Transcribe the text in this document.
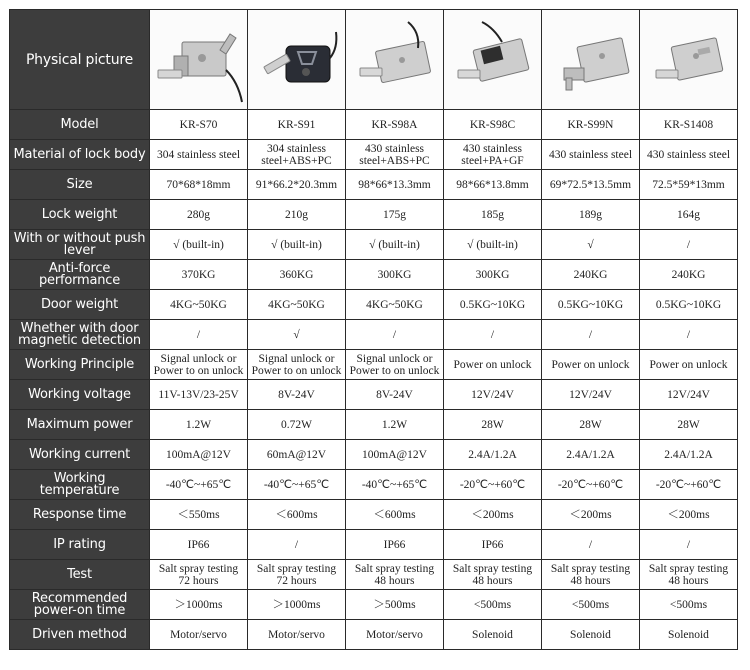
Physical picture	

Model	KR-S70	KR-S91	KR-S98A	KR-S98C	KR-S99N	KR-S1408
Material of lock body	304 stainless steel	304 stainless steel+ABS+PC	430 stainless steel+ABS+PC	430 stainless steel+PA+GF	430 stainless steel	430 stainless steel
Size	70*68*18mm	91*66.2*20.3mm	98*66*13.3mm	98*66*13.8mm	69*72.5*13.5mm	72.5*59*13mm
Lock weight	280g	210g	175g	185g	189g	164g
With or without push lever	√ (built-in)	√ (built-in)	√ (built-in)	√ (built-in)	√	/
Anti-force performance	370KG	360KG	300KG	300KG	240KG	240KG
Door weight	4KG~50KG	4KG~50KG	4KG~50KG	0.5KG~10KG	0.5KG~10KG	0.5KG~10KG
Whether with door magnetic detection	/	√	/	/	/	/
Working Principle	Signal unlock or Power to on unlock	Signal unlock or Power to on unlock	Signal unlock or Power to on unlock	Power on unlock	Power on unlock	Power on unlock
Working voltage	11V-13V/23-25V	8V-24V	8V-24V	12V/24V	12V/24V	12V/24V
Maximum power	1.2W	0.72W	1.2W	28W	28W	28W
Working current	100mA@12V	60mA@12V	100mA@12V	2.4A/1.2A	2.4A/1.2A	2.4A/1.2A
Working temperature	-40℃~+65℃	-40℃~+65℃	-40℃~+65℃	-20℃~+60℃	-20℃~+60℃	-20℃~+60℃
Response time	＜550ms	＜600ms	＜600ms	＜200ms	＜200ms	＜200ms
IP rating	IP66	/	IP66	IP66	/	/
Test	Salt spray testing 72 hours	Salt spray testing 72 hours	Salt spray testing 48 hours	Salt spray testing 48 hours	Salt spray testing 48 hours	Salt spray testing 48 hours
Recommended power-on time	＞1000ms	＞1000ms	＞500ms	<500ms	<500ms	<500ms
Driven method	Motor/servo	Motor/servo	Motor/servo	Solenoid	Solenoid	Solenoid
